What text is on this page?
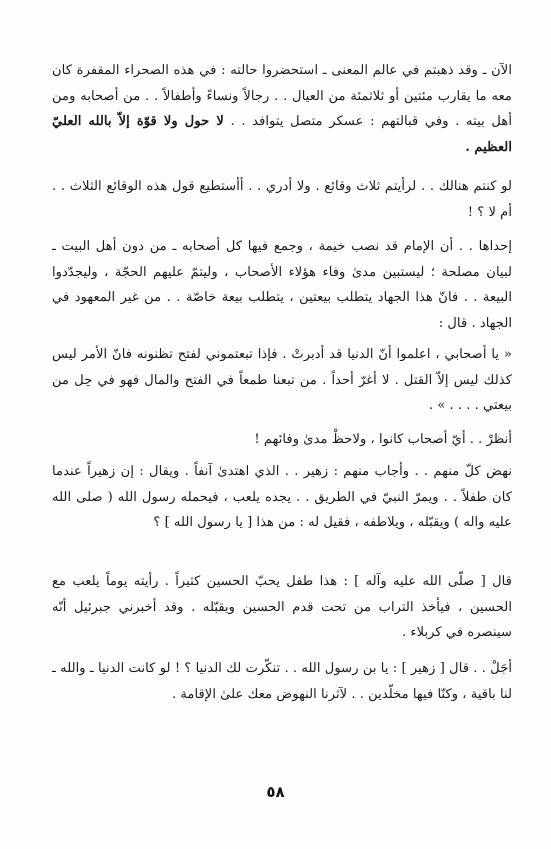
الآن ـ وقد ذهبتم في عالم المعنى ـ استحضروا حالته : في هذه الصحراء المقفرة كان معه ما يقارب مئتين أو ثلاثمئة من العيال . . رجالاً ونساءً وأطفالاً . . من أصحابه ومن أهل بيته . وفي قبالتهم : عسكر متصل يتوافد . . لا حول ولا قوّة إلاّ بالله العليّ العظيم .

لو كنتم هنالك . . لرأيتم ثلاث وقائع . ولا أدري . . أأستطيع قول هذه الوقائع الثلاث . . أم لا ؟ !

إحداها . . أن الإمام قد نصب خيمة ، وجمع فيها كل أصحابه ـ من دون أهل البيت ـ لبيان مصلحة ؛ ليستبين مدىٰ وفاء هؤلاء الأصحاب ، وليتمّ عليهم الحجّة ، وليجدّدوا البيعة . . فانّ هذا الجهاد يتطلب بيعتين ، يتطلب بيعة خاصّة . . من غير المعهود في الجهاد . قال :

« يا أصحابي ، اعلموا أنّ الدنيا قد أدبرتْ . فإذا تبعتموني لفتح تظنونه فانّ الأمر ليس كذلك ليس إلاّ القتل . لا أغرّ أحداً . من تبعنا طمعاً في الفتح والمال فهو في حِل من بيعتي . . . . » .

أنظرْ . . أيّ أصحاب كانوا ، ولاحظْ مدىٰ وفائهم !

نهض كلّ منهم . . وأجاب منهم : زهير . . الذي اهتدىٰ آنفاً . ويقال : إن زهيراً عندما كان طفلاً . . ويمرّ النبيّ في الطريق . . يجده يلعب ، فيحمله رسول الله ( صلى الله عليه واله ) ويقبّله ، ويلاطفه ، فقيل له : من هذا [ يا رسول الله ] ؟

قال [ صلّى الله عليه وآله ] : هذا طفل يحبّ الحسين كثيراً . رأيته يوماً يلعب مع الحسين ، فيأخذ التراب من تحت قدم الحسين ويقبّله . وقد أخبرني جبرئيل أنّه سينصره في كربلاء .

أجَلْ . . قال [ زهير ] : يا بن رسول الله . . تنكّرت لك الدنيا ؟ ! لو كانت الدنيا ـ والله ـ لنا باقية ، وكنّا فيها مخلّدين . . لآثرنا النهوض معك علىٰ الإقامة .

٥٨
